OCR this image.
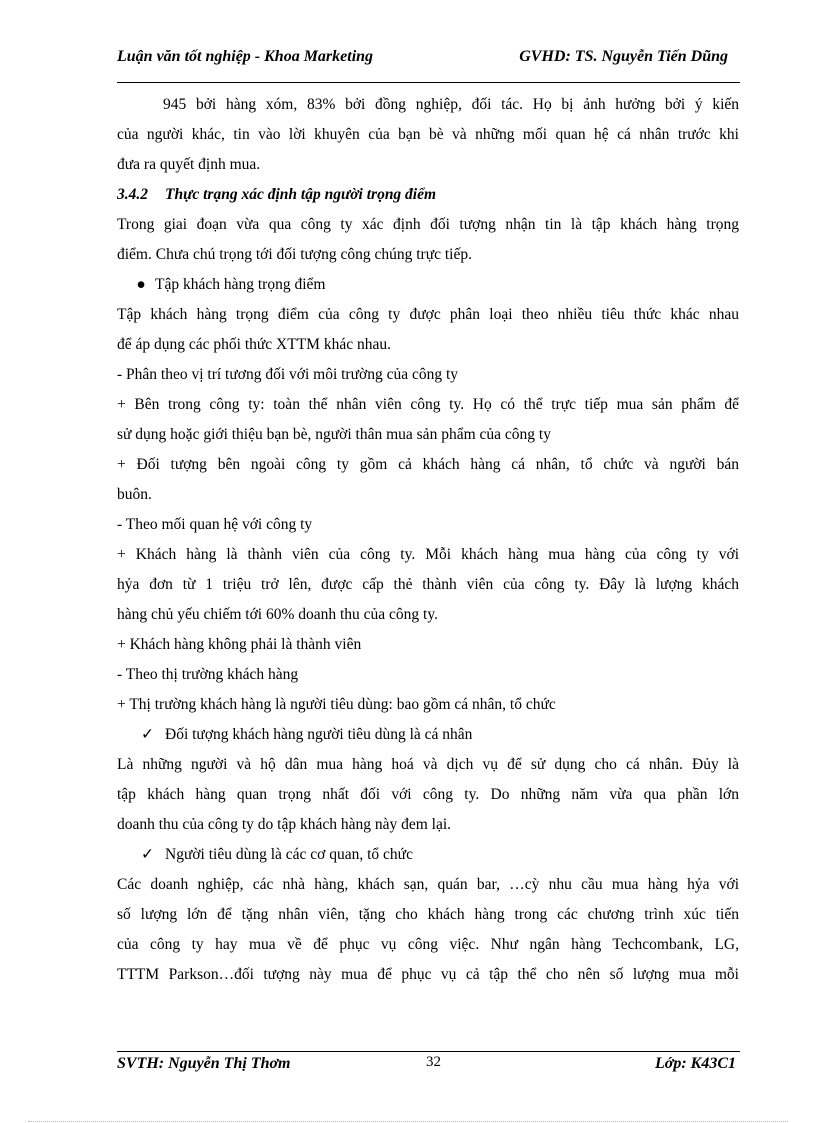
Luận văn tốt nghiệp - Khoa Marketing	GVHD: TS. Nguyễn Tiến Dũng
945 bởi hàng xóm, 83% bởi đồng nghiệp, đối tác. Họ bị ảnh hưởng bởi ý kiến
của người khác, tin vào lời khuyên của bạn bè và những mối quan hệ cá nhân trước khi
đưa ra quyết định mua.
3.4.2 Thực trạng xác định tập người trọng điểm
Trong giai đoạn vừa qua công ty xác định đối tượng nhận tin là tập khách hàng trọng
điểm. Chưa chú trọng tới đối tượng công chúng trực tiếp.
● Tập khách hàng trọng điểm
Tập khách hàng trọng điểm của công ty được phân loại theo nhiều tiêu thức khác nhau
để áp dụng các phối thức XTTM khác nhau.
- Phân theo vị trí tương đối với môi trường của công ty
+ Bên trong công ty: toàn thể nhân viên công ty. Họ có thể trực tiếp mua sản phẩm để
sử dụng hoặc giới thiệu bạn bè, người thân mua sản phẩm của công ty
+ Đối tượng bên ngoài công ty gồm cả khách hàng cá nhân, tổ chức và người bán
buôn.
- Theo mối quan hệ với công ty
+ Khách hàng là thành viên của công ty. Mỗi khách hàng mua hàng của công ty với
hỷa đơn từ 1 triệu trở lên, được cấp thẻ thành viên của công ty. Đây là lượng khách
hàng chủ yếu chiếm tới 60% doanh thu của công ty.
+ Khách hàng không phải là thành viên
- Theo thị trường khách hàng
+ Thị trường khách hàng là người tiêu dùng: bao gồm cá nhân, tổ chức
✓ Đối tượng khách hàng người tiêu dùng là cá nhân
Là những người và hộ dân mua hàng hoá và dịch vụ để sử dụng cho cá nhân. Đủy là
tập khách hàng quan trọng nhất đối với công ty. Do những năm vừa qua phần lớn
doanh thu của công ty do tập khách hàng này đem lại.
✓ Người tiêu dùng là các cơ quan, tổ chức
Các doanh nghiệp, các nhà hàng, khách sạn, quán bar, …cỳ nhu cầu mua hàng hỷa với
số lượng lớn để tặng nhân viên, tặng cho khách hàng trong các chương trình xúc tiến
của công ty hay mua về để phục vụ công việc. Như ngân hàng Techcombank, LG,
TTTM Parkson…đối tượng này mua để phục vụ cả tập thể cho nên số lượng mua mỗi
SVTH: Nguyễn Thị Thơm	32	Lớp: K43C1
